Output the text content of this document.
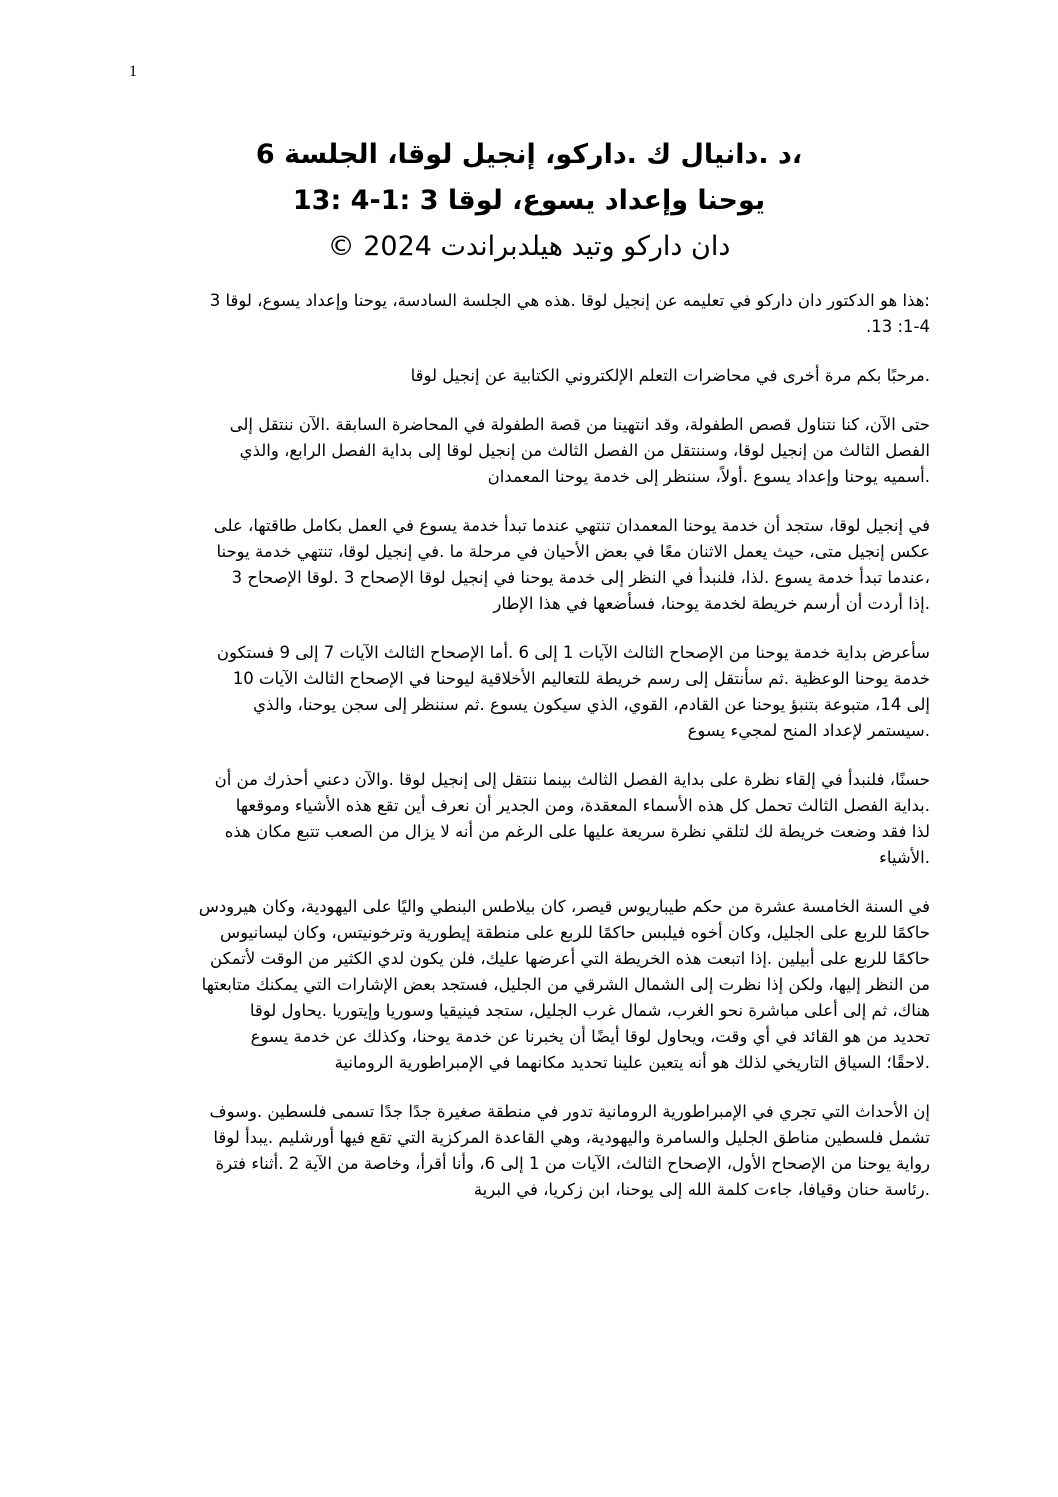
1
،د .دانيال ك .داركو، إنجيل لوقا، الجلسة 6
يوحنا وإعداد يسوع، لوقا 3 :1-4 :13
دان داركو وتيد هيلدبراندت 2024 ©

:هذا هو الدكتور دان داركو في تعليمه عن إنجيل لوقا .هذه هي الجلسة السادسة، يوحنا وإعداد يسوع، لوقا 3
1-4: 13.

.مرحبًا بكم مرة أخرى في محاضرات التعلم الإلكتروني الكتابية عن إنجيل لوقا

حتى الآن، كنا نتناول قصص الطفولة، وقد انتهينا من قصة الطفولة في المحاضرة السابقة .الآن ننتقل إلى
الفصل الثالث من إنجيل لوقا، وسننتقل من الفصل الثالث من إنجيل لوقا إلى بداية الفصل الرابع، والذي
.أسميه يوحنا وإعداد يسوع .أولاً، سننظر إلى خدمة يوحنا المعمدان

في إنجيل لوقا، ستجد أن خدمة يوحنا المعمدان تنتهي عندما تبدأ خدمة يسوع في العمل بكامل طاقتها، على
عكس إنجيل متى، حيث يعمل الاثنان معًا في بعض الأحيان في مرحلة ما .في إنجيل لوقا، تنتهي خدمة يوحنا
،عندما تبدأ خدمة يسوع .لذا، فلنبدأ في النظر إلى خدمة يوحنا في إنجيل لوقا الإصحاح 3 .لوقا الإصحاح 3
.إذا أردت أن أرسم خريطة لخدمة يوحنا، فسأضعها في هذا الإطار

سأعرض بداية خدمة يوحنا من الإصحاح الثالث الآيات 1 إلى 6 .أما الإصحاح الثالث الآيات 7 إلى 9 فستكون
خدمة يوحنا الوعظية .ثم سأنتقل إلى رسم خريطة للتعاليم الأخلاقية ليوحنا في الإصحاح الثالث الآيات 10
إلى 14، متبوعة بتنبؤ يوحنا عن القادم، القوي، الذي سيكون يسوع .ثم سننظر إلى سجن يوحنا، والذي
.سيستمر لإعداد المنح لمجيء يسوع

حسنًا، فلنبدأ في إلقاء نظرة على بداية الفصل الثالث بينما ننتقل إلى إنجيل لوقا .والآن دعني أحذرك من أن
.بداية الفصل الثالث تحمل كل هذه الأسماء المعقدة، ومن الجدير أن نعرف أين تقع هذه الأشياء وموقعها
لذا فقد وضعت خريطة لك لتلقي نظرة سريعة عليها على الرغم من أنه لا يزال من الصعب تتبع مكان هذه
.الأشياء

في السنة الخامسة عشرة من حكم طيباريوس قيصر، كان بيلاطس البنطي واليًا على اليهودية، وكان هيرودس
حاكمًا للربع على الجليل، وكان أخوه فيلبس حاكمًا للربع على منطقة إيطورية وترخونيتس، وكان ليسانيوس
حاكمًا للربع على أبيلين .إذا اتبعت هذه الخريطة التي أعرضها عليك، فلن يكون لدي الكثير من الوقت لأتمكن
من النظر إليها، ولكن إذا نظرت إلى الشمال الشرقي من الجليل، فستجد بعض الإشارات التي يمكنك متابعتها
هناك، ثم إلى أعلى مباشرة نحو الغرب، شمال غرب الجليل، ستجد فينيقيا وسوريا وإيتوريا .يحاول لوقا
تحديد من هو القائد في أي وقت، ويحاول لوقا أيضًا أن يخبرنا عن خدمة يوحنا، وكذلك عن خدمة يسوع
.لاحقًا؛ السياق التاريخي لذلك هو أنه يتعين علينا تحديد مكانهما في الإمبراطورية الرومانية

إن الأحداث التي تجري في الإمبراطورية الرومانية تدور في منطقة صغيرة جدًا جدًا تسمى فلسطين .وسوف
تشمل فلسطين مناطق الجليل والسامرة واليهودية، وهي القاعدة المركزية التي تقع فيها أورشليم .يبدأ لوقا
رواية يوحنا من الإصحاح الأول، الإصحاح الثالث، الآيات من 1 إلى 6، وأنا أقرأ، وخاصة من الآية 2 .أثناء فترة
.رئاسة حنان وقيافا، جاءت كلمة الله إلى يوحنا، ابن زكريا، في البرية
